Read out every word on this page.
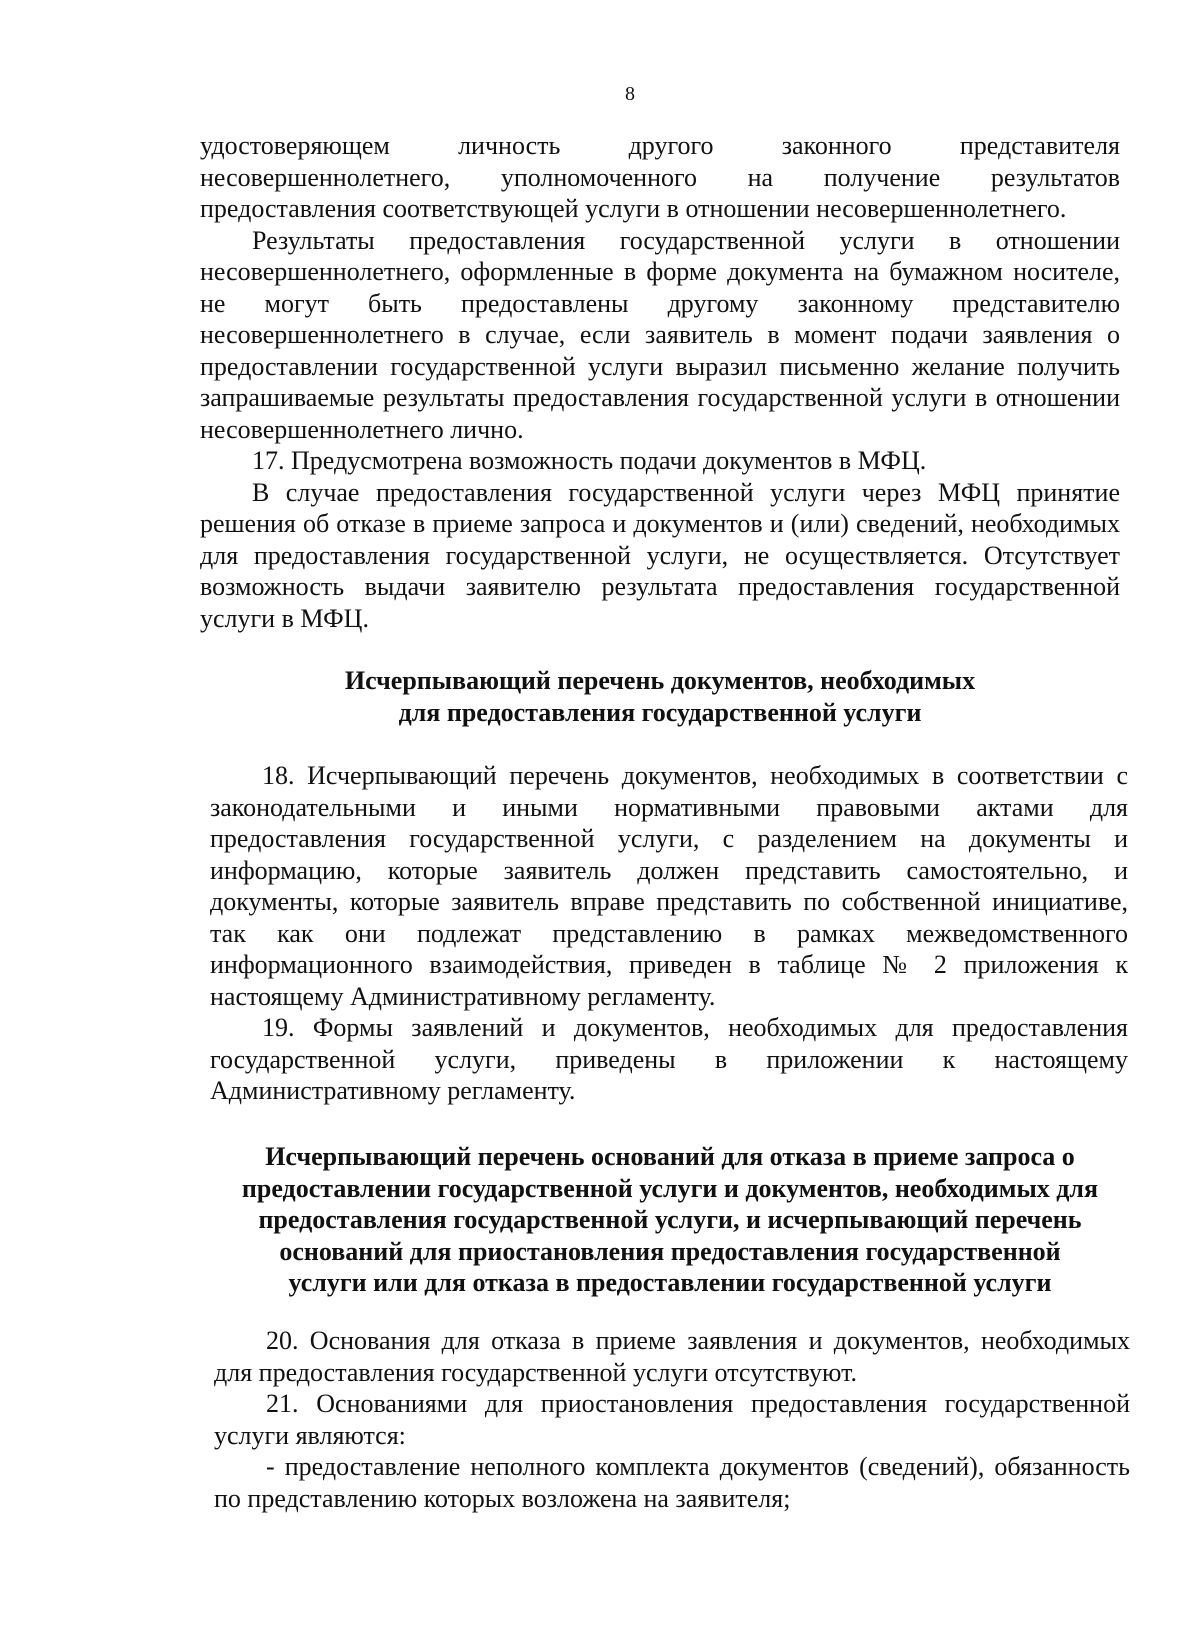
8

удостоверяющем личность другого законного представителя несовершеннолетнего, уполномоченного на получение результатов предоставления соответствующей услуги в отношении несовершеннолетнего.

Результаты предоставления государственной услуги в отношении несовершеннолетнего, оформленные в форме документа на бумажном носителе, не могут быть предоставлены другому законному представителю несовершеннолетнего в случае, если заявитель в момент подачи заявления о предоставлении государственной услуги выразил письменно желание получить запрашиваемые результаты предоставления государственной услуги в отношении несовершеннолетнего лично.

17. Предусмотрена возможность подачи документов в МФЦ.

В случае предоставления государственной услуги через МФЦ принятие решения об отказе в приеме запроса и документов и (или) сведений, необходимых для предоставления государственной услуги, не осуществляется. Отсутствует возможность выдачи заявителю результата предоставления государственной услуги в МФЦ.

Исчерпывающий перечень документов, необходимых
для предоставления государственной услуги

18. Исчерпывающий перечень документов, необходимых в соответствии с законодательными и иными нормативными правовыми актами для предоставления государственной услуги, с разделением на документы и информацию, которые заявитель должен представить самостоятельно, и документы, которые заявитель вправе представить по собственной инициативе, так как они подлежат представлению в рамках межведомственного информационного взаимодействия, приведен в таблице № 2 приложения к настоящему Административному регламенту.

19. Формы заявлений и документов, необходимых для предоставления государственной услуги, приведены в приложении к настоящему Административному регламенту.

Исчерпывающий перечень оснований для отказа в приеме запроса о
предоставлении государственной услуги и документов, необходимых для
предоставления государственной услуги, и исчерпывающий перечень
оснований для приостановления предоставления государственной
услуги или для отказа в предоставлении государственной услуги

20. Основания для отказа в приеме заявления и документов, необходимых для предоставления государственной услуги отсутствуют.

21. Основаниями для приостановления предоставления государственной услуги являются:

- предоставление неполного комплекта документов (сведений), обязанность по представлению которых возложена на заявителя;
